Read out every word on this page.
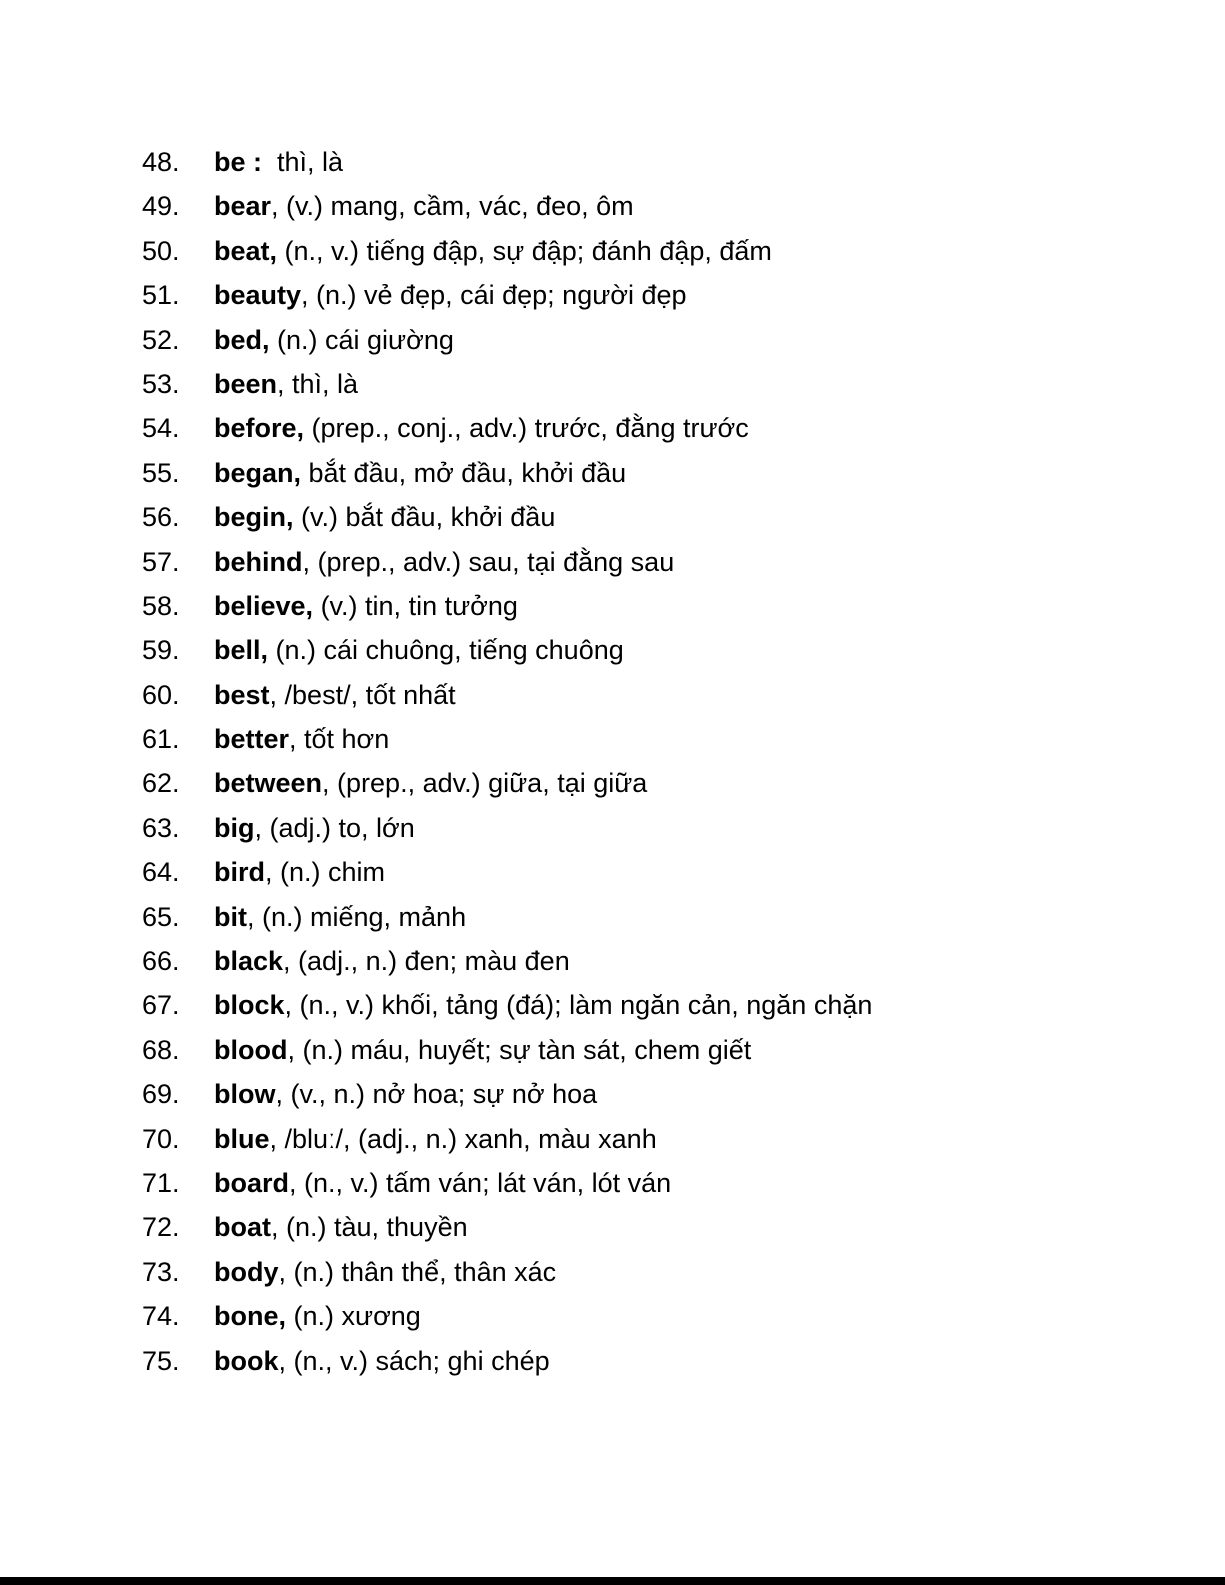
48.	be : thì, là
49.	bear , (v.) mang, cầm, vác, đeo, ôm
50.	beat, (n., v.) tiếng đập, sự đập; đánh đập, đấm
51.	beauty , (n.) vẻ đẹp, cái đẹp; người đẹp
52.	bed, (n.) cái giường
53.	been , thì, là
54.	before, (prep., conj., adv.) trước, đằng trước
55.	began, bắt đầu, mở đầu, khởi đầu
56.	begin, (v.) bắt đầu, khởi đầu
57.	behind , (prep., adv.) sau, tại đằng sau
58.	believe, (v.) tin, tin tưởng
59.	bell, (n.) cái chuông, tiếng chuông
60.	best , /best/, tốt nhất
61.	better , tốt hơn
62.	between , (prep., adv.) giữa, tại giữa
63.	big , (adj.) to, lớn
64.	bird , (n.) chim
65.	bit , (n.) miếng, mảnh
66.	black , (adj., n.) đen; màu đen
67.	block , (n., v.) khối, tảng (đá); làm ngăn cản, ngăn chặn
68.	blood , (n.) máu, huyết; sự tàn sát, chem giết
69.	blow , (v., n.) nở hoa; sự nở hoa
70.	blue , /bluː/, (adj., n.) xanh, màu xanh
71.	board , (n., v.) tấm ván; lát ván, lót ván
72.	boat , (n.) tàu, thuyền
73.	body , (n.) thân thể, thân xác
74.	bone, (n.) xương
75.	book , (n., v.) sách; ghi chép
